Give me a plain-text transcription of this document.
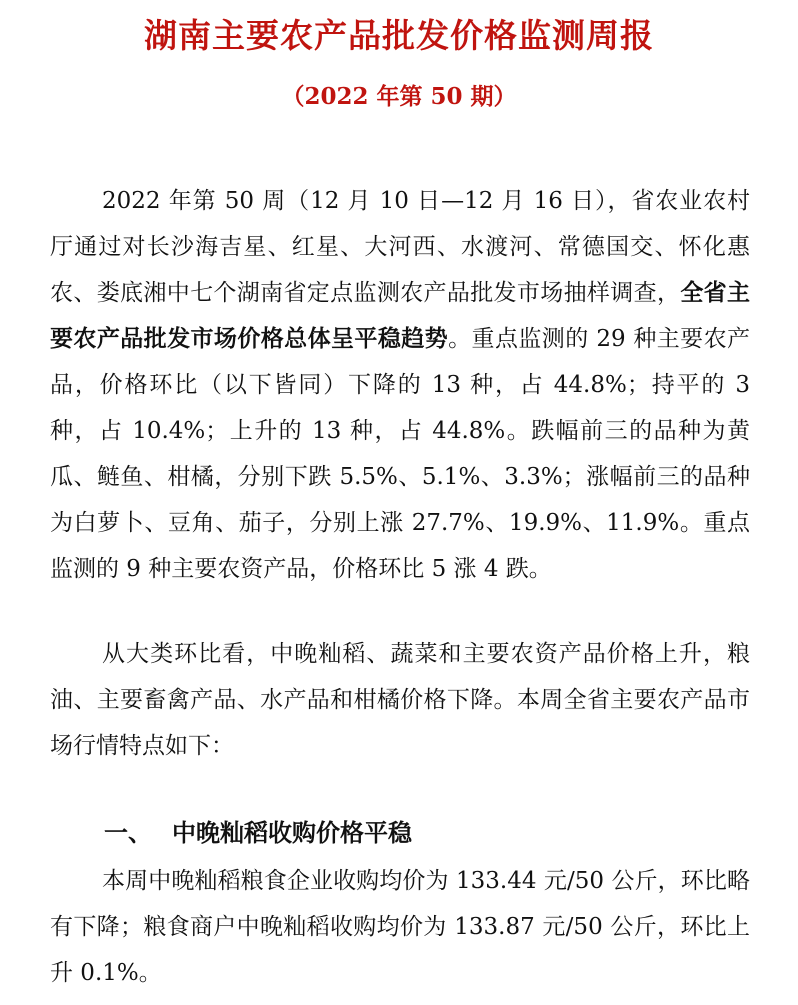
湖南主要农产品批发价格监测周报
（2022 年第 50 期）

2022 年第 50 周（12 月 10 日—12 月 16 日），省农业农村厅通过对长沙海吉星、红星、大河西、水渡河、常德国交、怀化惠农、娄底湘中七个湖南省定点监测农产品批发市场抽样调查，全省主要农产品批发市场价格总体呈平稳趋势。重点监测的 29 种主要农产品，价格环比（以下皆同）下降的 13 种，占 44.8%；持平的 3 种，占 10.4%；上升的 13 种，占 44.8%。跌幅前三的品种为黄瓜、鲢鱼、柑橘，分别下跌 5.5%、5.1%、3.3%；涨幅前三的品种为白萝卜、豆角、茄子，分别上涨 27.7%、19.9%、11.9%。重点监测的 9 种主要农资产品，价格环比 5 涨 4 跌。

从大类环比看，中晚籼稻、蔬菜和主要农资产品价格上升，粮油、主要畜禽产品、水产品和柑橘价格下降。本周全省主要农产品市场行情特点如下：

一、 中晚籼稻收购价格平稳

本周中晚籼稻粮食企业收购均价为 133.44 元/50 公斤，环比略有下降；粮食商户中晚籼稻收购均价为 133.87 元/50 公斤，环比上升 0.1%。
